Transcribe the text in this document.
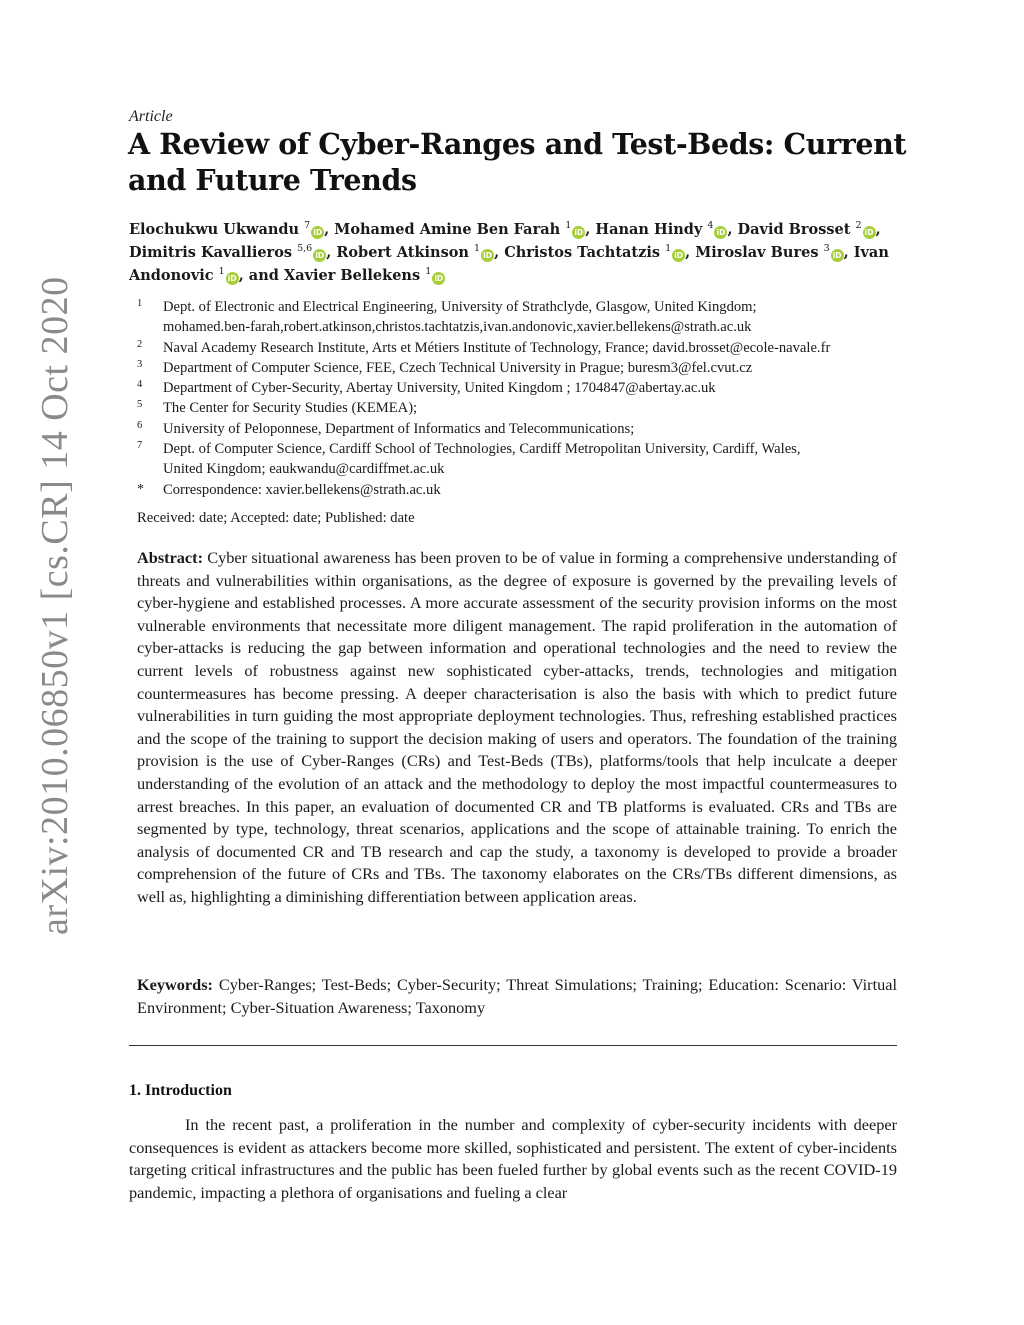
arXiv:2010.06850v1 [cs.CR] 14 Oct 2020
Article
A Review of Cyber-Ranges and Test-Beds: Current and Future Trends
Elochukwu Ukwandu $^7$iD , Mohamed Amine Ben Farah $^1$iD , Hanan Hindy $^4$iD , David Brosset $^2$iD , Dimitris Kavallieros $^{5,6}$iD , Robert Atkinson $^1$iD , Christos Tachtatzis $^1$iD , Miroslav Bures $^3$iD , Ivan Andonovic $^1$iD , and Xavier Bellekens $^1$iD
1 Dept. of Electronic and Electrical Engineering, University of Strathclyde, Glasgow, United Kingdom;
mohamed.ben-farah,robert.atkinson,christos.tachtatzis,ivan.andonovic,xavier.bellekens@strath.ac.uk
2 Naval Academy Research Institute, Arts et Métiers Institute of Technology, France; david.brosset@ecole-navale.fr
3 Department of Computer Science, FEE, Czech Technical University in Prague; buresm3@fel.cvut.cz
4 Department of Cyber-Security, Abertay University, United Kingdom ; 1704847@abertay.ac.uk
5 The Center for Security Studies (KEMEA);
6 University of Peloponnese, Department of Informatics and Telecommunications;
7 Dept. of Computer Science, Cardiff School of Technologies, Cardiff Metropolitan University, Cardiff, Wales,
United Kingdom; eaukwandu@cardiffmet.ac.uk
* Correspondence: xavier.bellekens@strath.ac.uk
Received: date; Accepted: date; Published: date

Abstract: Cyber situational awareness has been proven to be of value in forming a comprehensive understanding of threats and vulnerabilities within organisations, as the degree of exposure is governed by the prevailing levels of cyber-hygiene and established processes. A more accurate assessment of the security provision informs on the most vulnerable environments that necessitate more diligent management. The rapid proliferation in the automation of cyber-attacks is reducing the gap between information and operational technologies and the need to review the current levels of robustness against new sophisticated cyber-attacks, trends, technologies and mitigation countermeasures has become pressing. A deeper characterisation is also the basis with which to predict future vulnerabilities in turn guiding the most appropriate deployment technologies. Thus, refreshing established practices and the scope of the training to support the decision making of users and operators. The foundation of the training provision is the use of Cyber-Ranges (CRs) and Test-Beds (TBs), platforms/tools that help inculcate a deeper understanding of the evolution of an attack and the methodology to deploy the most impactful countermeasures to arrest breaches. In this paper, an evaluation of documented CR and TB platforms is evaluated. CRs and TBs are segmented by type, technology, threat scenarios, applications and the scope of attainable training. To enrich the analysis of documented CR and TB research and cap the study, a taxonomy is developed to provide a broader comprehension of the future of CRs and TBs. The taxonomy elaborates on the CRs/TBs different dimensions, as well as, highlighting a diminishing differentiation between application areas.

Keywords: Cyber-Ranges; Test-Beds; Cyber-Security; Threat Simulations; Training; Education: Scenario: Virtual Environment; Cyber-Situation Awareness; Taxonomy

1. Introduction

In the recent past, a proliferation in the number and complexity of cyber-security incidents with deeper consequences is evident as attackers become more skilled, sophisticated and persistent. The extent of cyber-incidents targeting critical infrastructures and the public has been fueled further by global events such as the recent COVID-19 pandemic, impacting a plethora of organisations and fueling a clear
